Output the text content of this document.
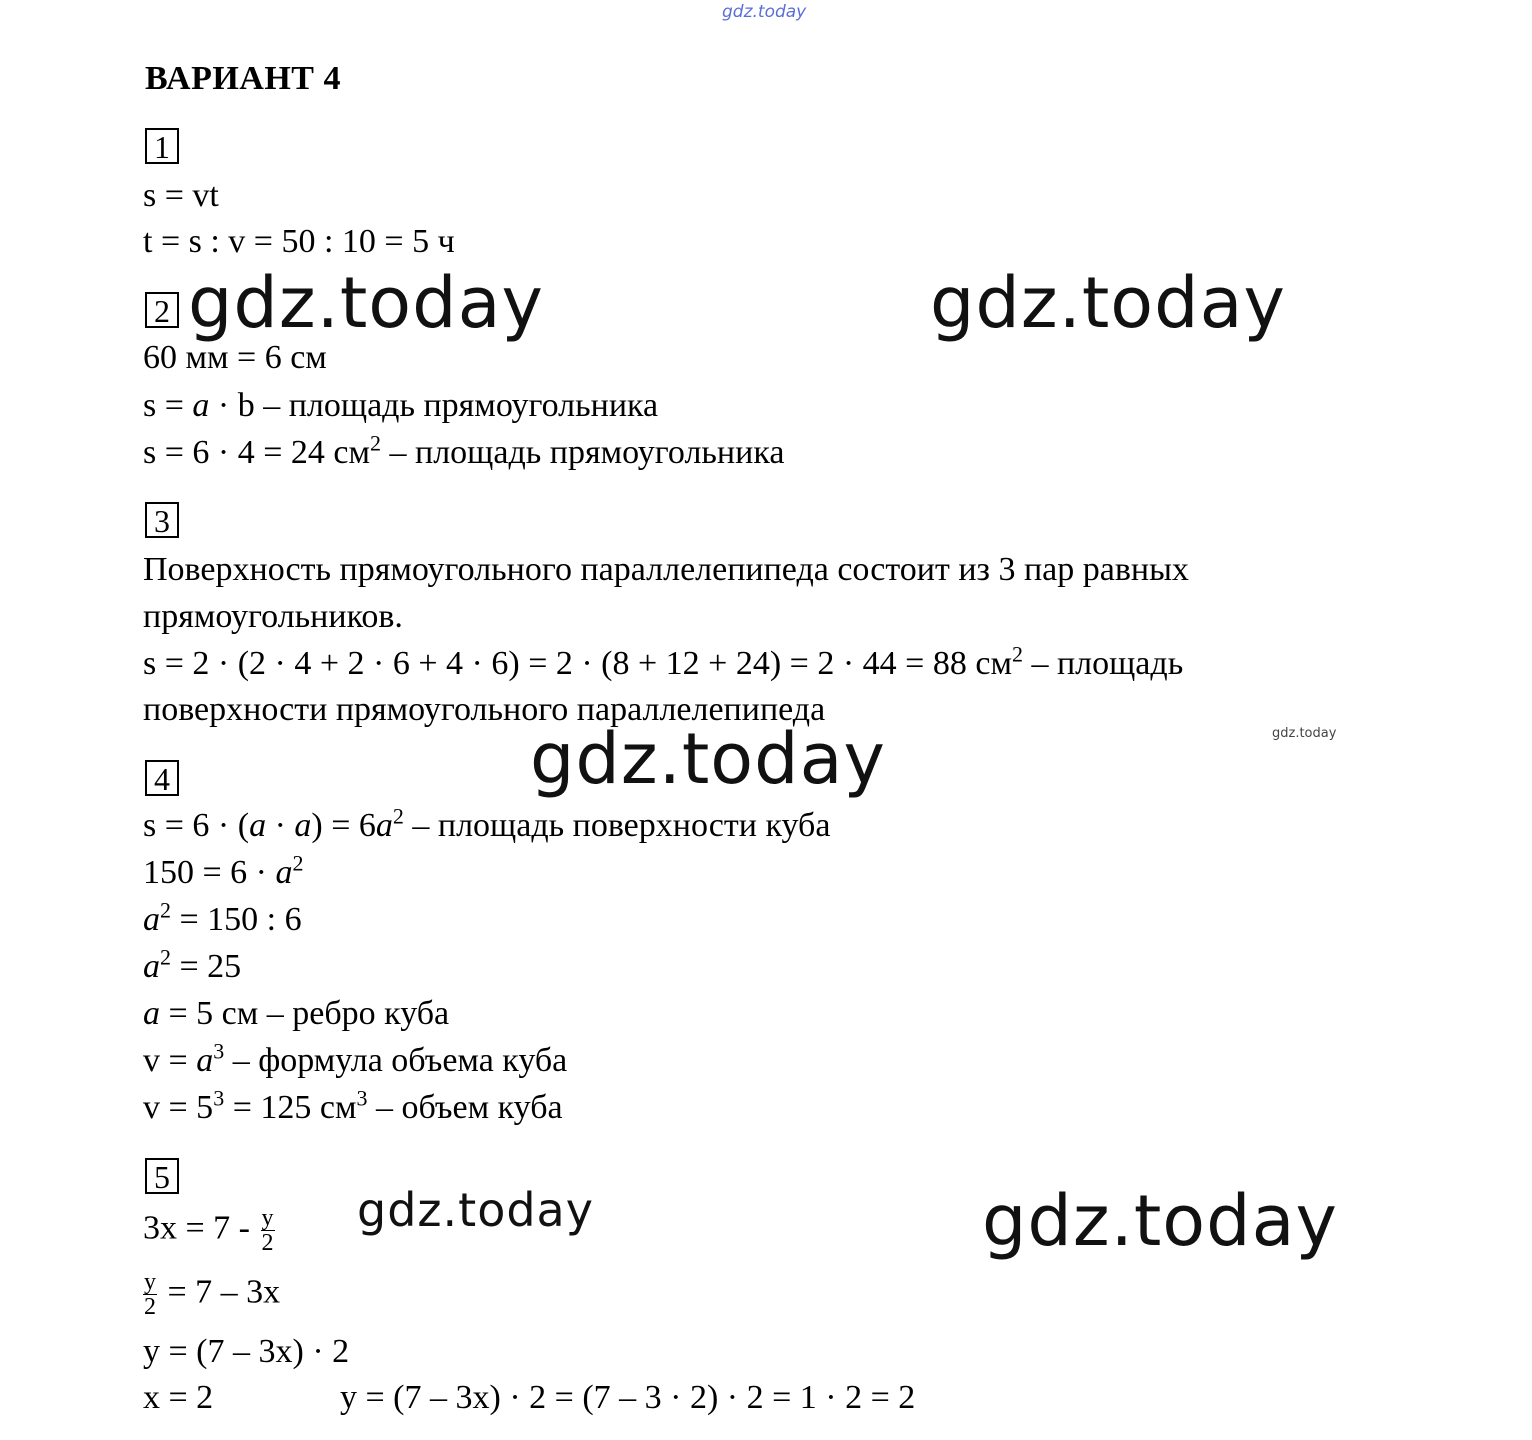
gdz.today
gdz.today	gdz.today
gdz.today	gdz.today
gdz.today	gdz.today
ВАРИАНТ 4
1
s = vt
t = s : v = 50 : 10 = 5 ч
2
60 мм = 6 см
s = a · b – площадь прямоугольника
s = 6 · 4 = 24 $см^2$ – площадь прямоугольника
3
Поверхность прямоугольного параллелепипеда состоит из 3 пар равных
прямоугольников.
s = 2 · (2 · 4 + 2 · 6 + 4 · 6) = 2 · (8 + 12 + 24) = 2 · 44 = 88 $см^2$ – площадь
поверхности прямоугольного параллелепипеда
4
$s = 6 \cdot (a \cdot a) = 6a^2$ – площадь поверхности куба
$150 = 6 \cdot a^2$
$a^2 = 150$ : 6
$a^2 = 25$
a = 5 см – ребро куба
$v = a^3$ – формула объема куба
$v = 5^3 = 125$ $см^3$ – объем куба
5
$3x = 7 - \frac{y}{2}$
$\frac{y}{2} = 7 - 3x$
y = (7 – 3x) · 2
x = 2	y = (7 – 3x) · 2 = (7 – 3 · 2) · 2 = 1 · 2 = 2
